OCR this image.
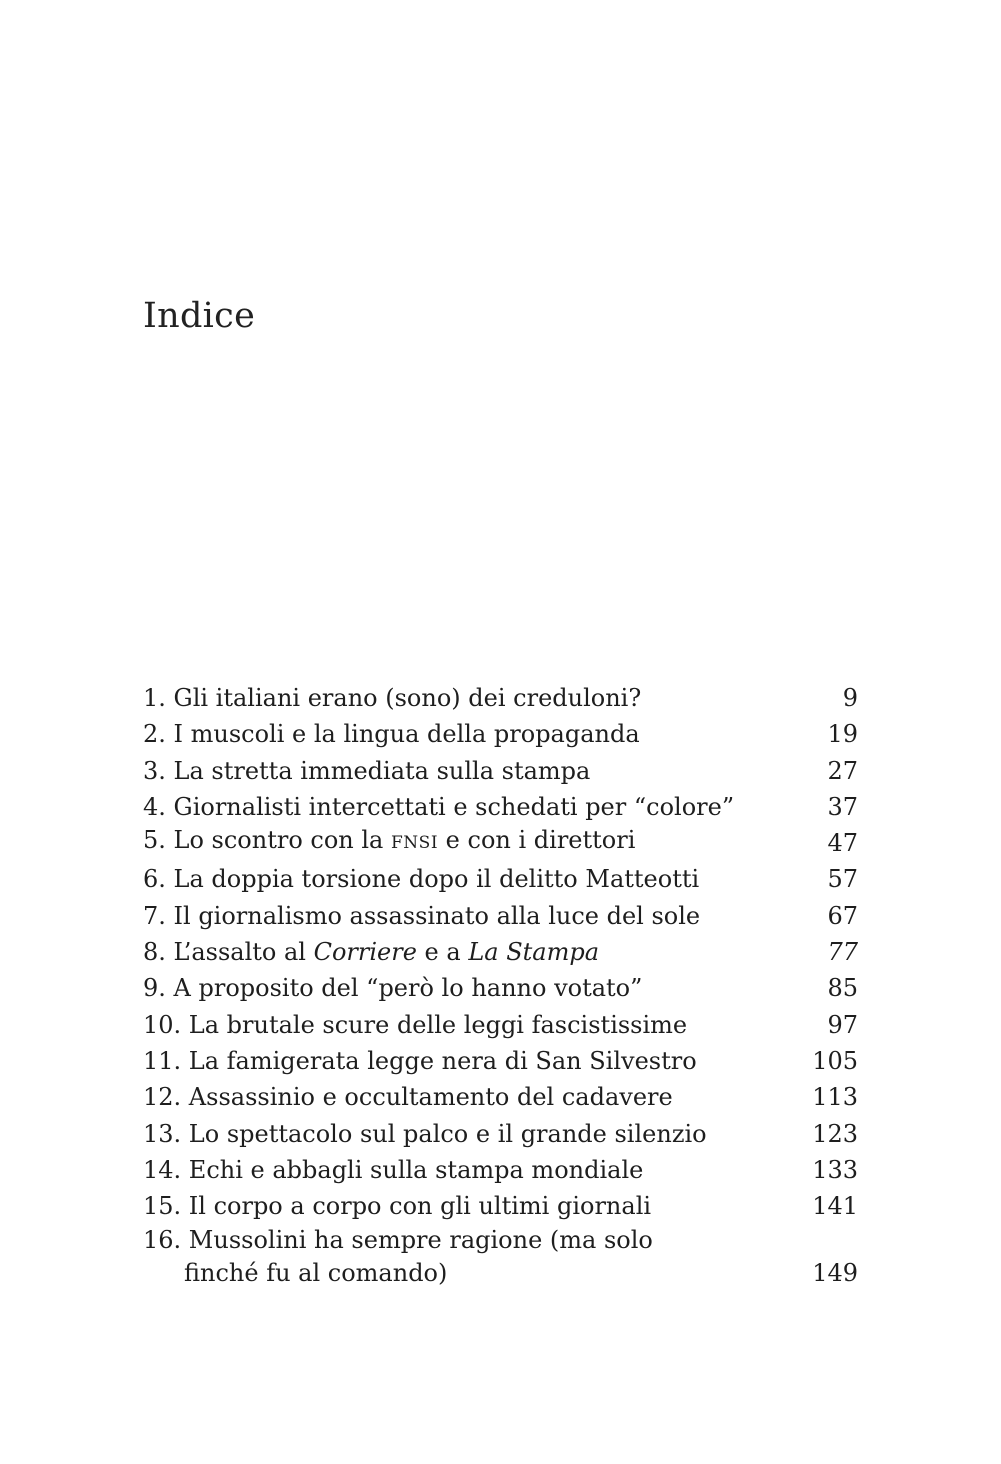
Indice
1. Gli italiani erano (sono) dei creduloni?	9
2. I muscoli e la lingua della propaganda	19
3. La stretta immediata sulla stampa	27
4. Giornalisti intercettati e schedati per “colore”	37
5. Lo scontro con la FNSI e con i direttori	47
6. La doppia torsione dopo il delitto Matteotti	57
7. Il giornalismo assassinato alla luce del sole	67
8. L’assalto al Corriere e a La Stampa	77
9. A proposito del “però lo hanno votato”	85
10. La brutale scure delle leggi fascistissime	97
11. La famigerata legge nera di San Silvestro	105
12. Assassinio e occultamento del cadavere	113
13. Lo spettacolo sul palco e il grande silenzio	123
14. Echi e abbagli sulla stampa mondiale	133
15. Il corpo a corpo con gli ultimi giornali	141
16. Mussolini ha sempre ragione (ma solo
finché fu al comando)	149
